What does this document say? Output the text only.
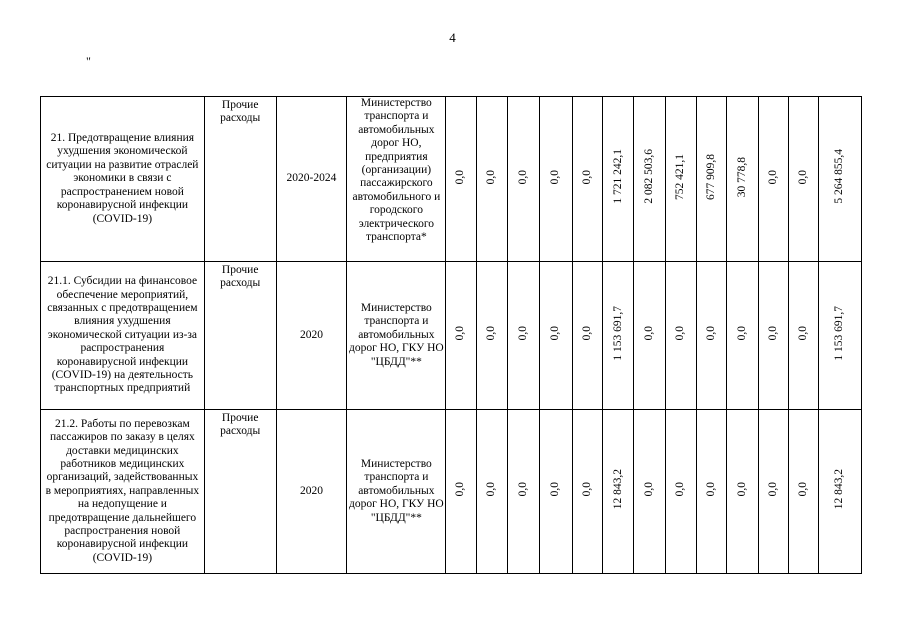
4
"
21. Предотвращение влияния ухудшения экономической ситуации на развитие отраслей экономики в связи с распространением новой коронавирусной инфекции (COVID-19)	Прочие расходы	2020-2024	Министерство транспорта и автомобильных дорог НО, предприятия (организации) пассажирского автомобильного и городского электрического транспорта*	0,0	0,0	0,0	0,0	0,0	1 721 242,1	2 082 503,6	752 421,1	677 909,8	30 778,8	0,0	0,0	5 264 855,4
21.1. Субсидии на финансовое обеспечение мероприятий, связанных с предотвращением влияния ухудшения экономической ситуации из-за распространения коронавирусной инфекции (COVID-19) на деятельность транспортных предприятий	Прочие расходы	2020	Министерство транспорта и автомобильных дорог НО, ГКУ НО "ЦБДД"**	0,0	0,0	0,0	0,0	0,0	1 153 691,7	0,0	0,0	0,0	0,0	0,0	0,0	1 153 691,7
21.2. Работы по перевозкам пассажиров по заказу в целях доставки медицинских работников медицинских организаций, задействованных в мероприятиях, направленных на недопущение и предотвращение дальнейшего распространения новой коронавирусной инфекции (COVID-19)	Прочие расходы	2020	Министерство транспорта и автомобильных дорог НО, ГКУ НО "ЦБДД"**	0,0	0,0	0,0	0,0	0,0	12 843,2	0,0	0,0	0,0	0,0	0,0	0,0	12 843,2
